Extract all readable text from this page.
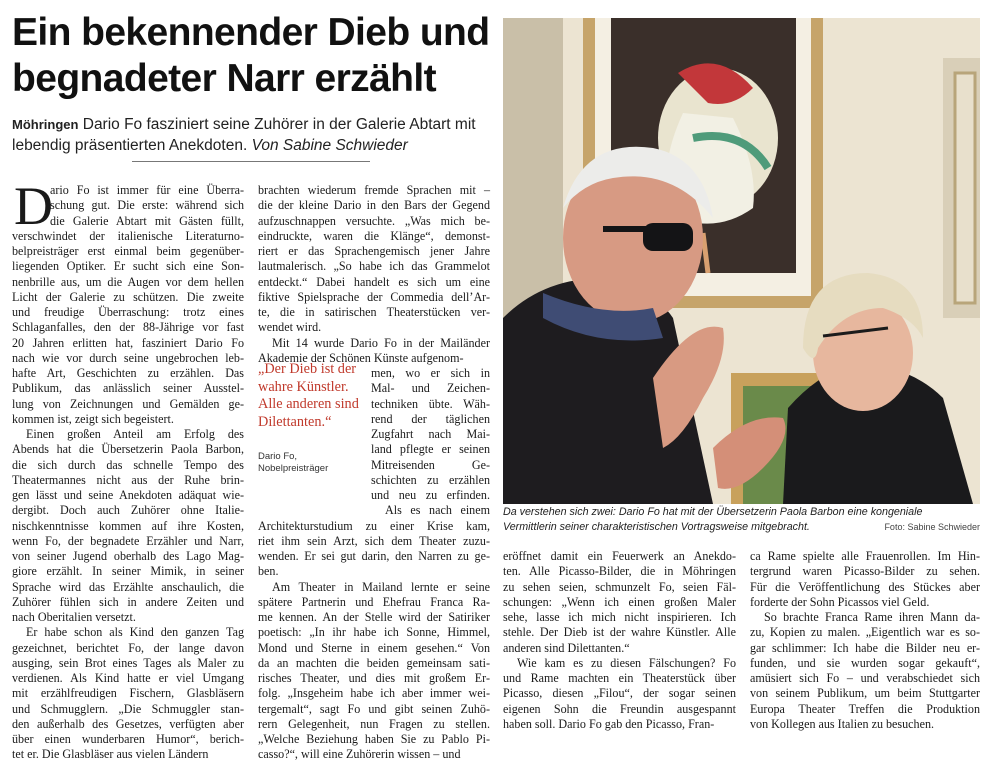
Ein bekennender Dieb und
begnadeter Narr erzählt

Möhringen Dario Fo fasziniert seine Zuhörer in der Galerie Abtart mit
lebendig präsentierten Anekdoten. Von Sabine Schwieder

D
ario Fo ist immer für eine Überra-
schung gut. Die erste: während sich
die Galerie Abtart mit Gästen füllt,
verschwindet der italienische Literaturno-
belpreisträger erst einmal beim gegenüber-
liegenden Optiker. Er sucht sich eine Son-
nenbrille aus, um die Augen vor dem hellen
Licht der Galerie zu schützen. Die zweite
und freudige Überraschung: trotz eines
Schlaganfalles, den der 88-Jährige vor fast
20 Jahren erlitten hat, fasziniert Dario Fo
nach wie vor durch seine ungebrochen leb-
hafte Art, Geschichten zu erzählen. Das
Publikum, das anlässlich seiner Ausstel-
lung von Zeichnungen und Gemälden ge-
kommen ist, zeigt sich begeistert.
Einen großen Anteil am Erfolg des
Abends hat die Übersetzerin Paola Barbon,
die sich durch das schnelle Tempo des
Theatermannes nicht aus der Ruhe brin-
gen lässt und seine Anekdoten adäquat wie-
dergibt. Doch auch Zuhörer ohne Italie-
nischkenntnisse kommen auf ihre Kosten,
wenn Fo, der begnadete Erzähler und Narr,
von seiner Jugend oberhalb des Lago Mag-
giore erzählt. In seiner Mimik, in seiner
Sprache wird das Erzählte anschaulich, die
Zuhörer fühlen sich in andere Zeiten und
nach Oberitalien versetzt.
Er habe schon als Kind den ganzen Tag
gezeichnet, berichtet Fo, der lange davon
ausging, sein Brot eines Tages als Maler zu
verdienen. Als Kind hatte er viel Umgang
mit erzählfreudigen Fischern, Glasbläsern
und Schmugglern. „Die Schmuggler stan-
den außerhalb des Gesetzes, verfügten aber
über einen wunderbaren Humor“, berich-
tet er. Die Glasbläser aus vielen Ländern
brachten wiederum fremde Sprachen mit –
die der kleine Dario in den Bars der Gegend
aufzuschnappen versuchte. „Was mich be-
eindruckte, waren die Klänge“, demonst-
riert er das Sprachengemisch jener Jahre
lautmalerisch. „So habe ich das Grammelot
entdeckt.“ Dabei handelt es sich um eine
fiktive Spielsprache der Commedia dell’Ar-
te, die in satirischen Theaterstücken ver-
wendet wird.
Mit 14 wurde Dario Fo in der Mailänder
Akademie der Schönen Künste aufgenom-
men, wo er sich in
Mal- und Zeichen-
techniken übte. Wäh-
rend der täglichen
Zugfahrt nach Mai-
land pflegte er seinen
Mitreisenden Ge-
schichten zu erzählen
und neu zu erfinden.
Als es nach einem
Architekturstudium zu einer Krise kam,
riet ihm sein Arzt, sich dem Theater zuzu-
wenden. Er sei gut darin, den Narren zu ge-
ben.
Am Theater in Mailand lernte er seine
spätere Partnerin und Ehefrau Franca Ra-
me kennen. An der Stelle wird der Satiriker
poetisch: „In ihr habe ich Sonne, Himmel,
Mond und Sterne in einem gesehen.“ Von
da an machten die beiden gemeinsam sati-
risches Theater, und dies mit großem Er-
folg. „Insgeheim habe ich aber immer wei-
tergemalt“, sagt Fo und gibt seinen Zuhö-
rern Gelegenheit, nun Fragen zu stellen.
„Welche Beziehung haben Sie zu Pablo Pi-
casso?“, will eine Zuhörerin wissen – und

„Der Dieb ist der wahre Künstler. Alle anderen sind Dilettanten.“

Dario Fo,
Nobelpreisträger

eröffnet damit ein Feuerwerk an Anekdo-
ten. Alle Picasso-Bilder, die in Möhringen
zu sehen seien, schmunzelt Fo, seien Fäl-
schungen: „Wenn ich einen großen Maler
sehe, lasse ich mich nicht inspirieren. Ich
stehle. Der Dieb ist der wahre Künstler. Alle
anderen sind Dilettanten.“
Wie kam es zu diesen Fälschungen? Fo
und Rame machten ein Theaterstück über
Picasso, diesen „Filou“, der sogar seinen
eigenen Sohn die Freundin ausgespannt
haben soll. Dario Fo gab den Picasso, Fran-
ca Rame spielte alle Frauenrollen. Im Hin-
tergrund waren Picasso-Bilder zu sehen.
Für die Veröffentlichung des Stückes aber
forderte der Sohn Picassos viel Geld.
So brachte Franca Rame ihren Mann da-
zu, Kopien zu malen. „Eigentlich war es so-
gar schlimmer: Ich habe die Bilder neu er-
funden, und sie wurden sogar gekauft“,
amüsiert sich Fo – und verabschiedet sich
von seinem Publikum, um beim Stuttgarter
Europa Theater Treffen die Produktion
von Kollegen aus Italien zu besuchen.

Da verstehen sich zwei: Dario Fo hat mit der Übersetzerin Paola Barbon eine kongeniale
Vermittlerin seiner charakteristischen Vortragsweise mitgebracht.	Foto: Sabine Schwieder
